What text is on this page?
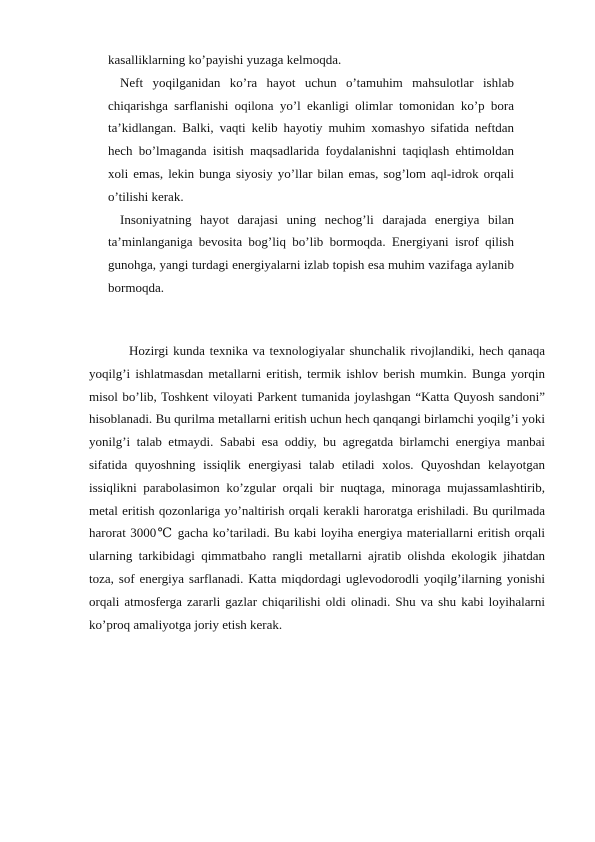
kasalliklarning ko’payishi yuzaga kelmoqda.

Neft yoqilganidan ko’ra hayot uchun o’tamuhim mahsulotlar ishlab chiqarishga sarflanishi oqilona yo’l ekanligi olimlar tomonidan ko’p bora ta’kidlangan. Balki, vaqti kelib hayotiy muhim xomashyo sifatida neftdan hech bo’lmaganda isitish maqsadlarida foydalanishni taqiqlash ehtimoldan xoli emas, lekin bunga siyosiy yo’llar bilan emas, sog’lom aql-idrok orqali o’tilishi kerak.

Insoniyatning hayot darajasi uning nechog’li darajada energiya bilan ta’minlanganiga bevosita bog’liq bo’lib bormoqda. Energiyani isrof qilish gunohga, yangi turdagi energiyalarni izlab topish esa muhim vazifaga aylanib bormoqda.

Hozirgi kunda texnika va texnologiyalar shunchalik rivojlandiki, hech qanaqa yoqilg’i ishlatmasdan metallarni eritish, termik ishlov berish mumkin. Bunga yorqin misol bo’lib, Toshkent viloyati Parkent tumanida joylashgan “Katta Quyosh sandoni” hisoblanadi. Bu qurilma metallarni eritish uchun hech qanqangi birlamchi yoqilg’i yoki yonilg’i talab etmaydi. Sababi esa oddiy, bu agregatda birlamchi energiya manbai sifatida quyoshning issiqlik energiyasi talab etiladi xolos. Quyoshdan kelayotgan issiqlikni parabolasimon ko’zgular orqali bir nuqtaga, minoraga mujassamlashtirib, metal eritish qozonlariga yo’naltirish orqali kerakli haroratga erishiladi. Bu qurilmada harorat 3000℃ gacha ko’tariladi. Bu kabi loyiha energiya materiallarni eritish orqali ularning tarkibidagi qimmatbaho rangli metallarni ajratib olishda ekologik jihatdan toza, sof energiya sarflanadi. Katta miqdordagi uglevodorodli yoqilg’ilarning yonishi orqali atmosferga zararli gazlar chiqarilishi oldi olinadi. Shu va shu kabi loyihalarni ko’proq amaliyotga joriy etish kerak.
